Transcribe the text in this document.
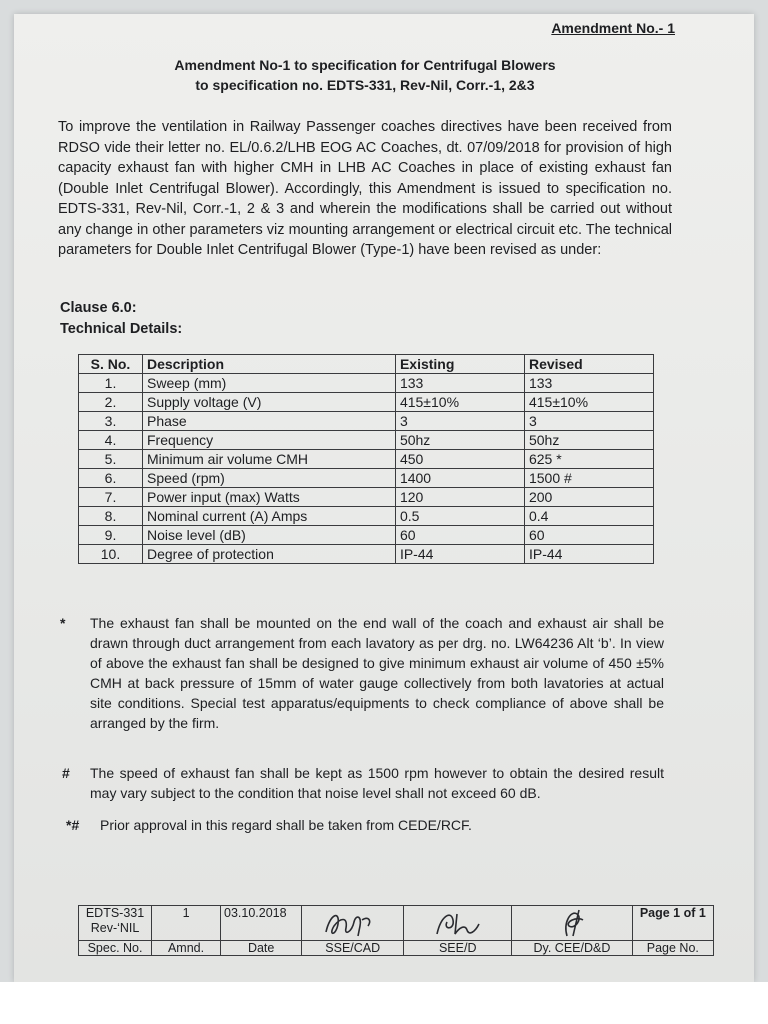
Amendment No.- 1
Amendment No-1 to specification for Centrifugal Blowers
to specification no. EDTS-331, Rev-Nil, Corr.-1, 2&3
To improve the ventilation in Railway Passenger coaches directives have been received from RDSO vide their letter no. EL/0.6.2/LHB EOG AC Coaches, dt. 07/09/2018 for provision of high capacity exhaust fan with higher CMH in LHB AC Coaches in place of existing exhaust fan (Double Inlet Centrifugal Blower). Accordingly, this Amendment is issued to specification no. EDTS-331, Rev-Nil, Corr.-1, 2 & 3 and wherein the modifications shall be carried out without any change in other parameters viz mounting arrangement or electrical circuit etc. The technical parameters for Double Inlet Centrifugal Blower (Type-1) have been revised as under:
Clause 6.0:
Technical Details:
S. No.	Description	Existing	Revised
1.	Sweep (mm)	133	133
2.	Supply voltage (V)	415±10%	415±10%
3.	Phase	3	3
4.	Frequency	50hz	50hz
5.	Minimum air volume CMH	450	625 *
6.	Speed (rpm)	1400	1500 #
7.	Power input (max) Watts	120	200
8.	Nominal current (A) Amps	0.5	0.4
9.	Noise level (dB)	60	60
10.	Degree of protection	IP-44	IP-44
* The exhaust fan shall be mounted on the end wall of the coach and exhaust air shall be drawn through duct arrangement from each lavatory as per drg. no. LW64236 Alt ‘b’. In view of above the exhaust fan shall be designed to give minimum exhaust air volume of 450 ±5% CMH at back pressure of 15mm of water gauge collectively from both lavatories at actual site conditions. Special test apparatus/equipments to check compliance of above shall be arranged by the firm.
# The speed of exhaust fan shall be kept as 1500 rpm however to obtain the desired result may vary subject to the condition that noise level shall not exceed 60 dB.
*# Prior approval in this regard shall be taken from CEDE/RCF.
EDTS-331
Rev-‘NIL	1	03.10.2018				Page 1 of 1
Spec. No.	Amnd.	Date	SSE/CAD	SEE/D	Dy. CEE/D&D	Page No.
